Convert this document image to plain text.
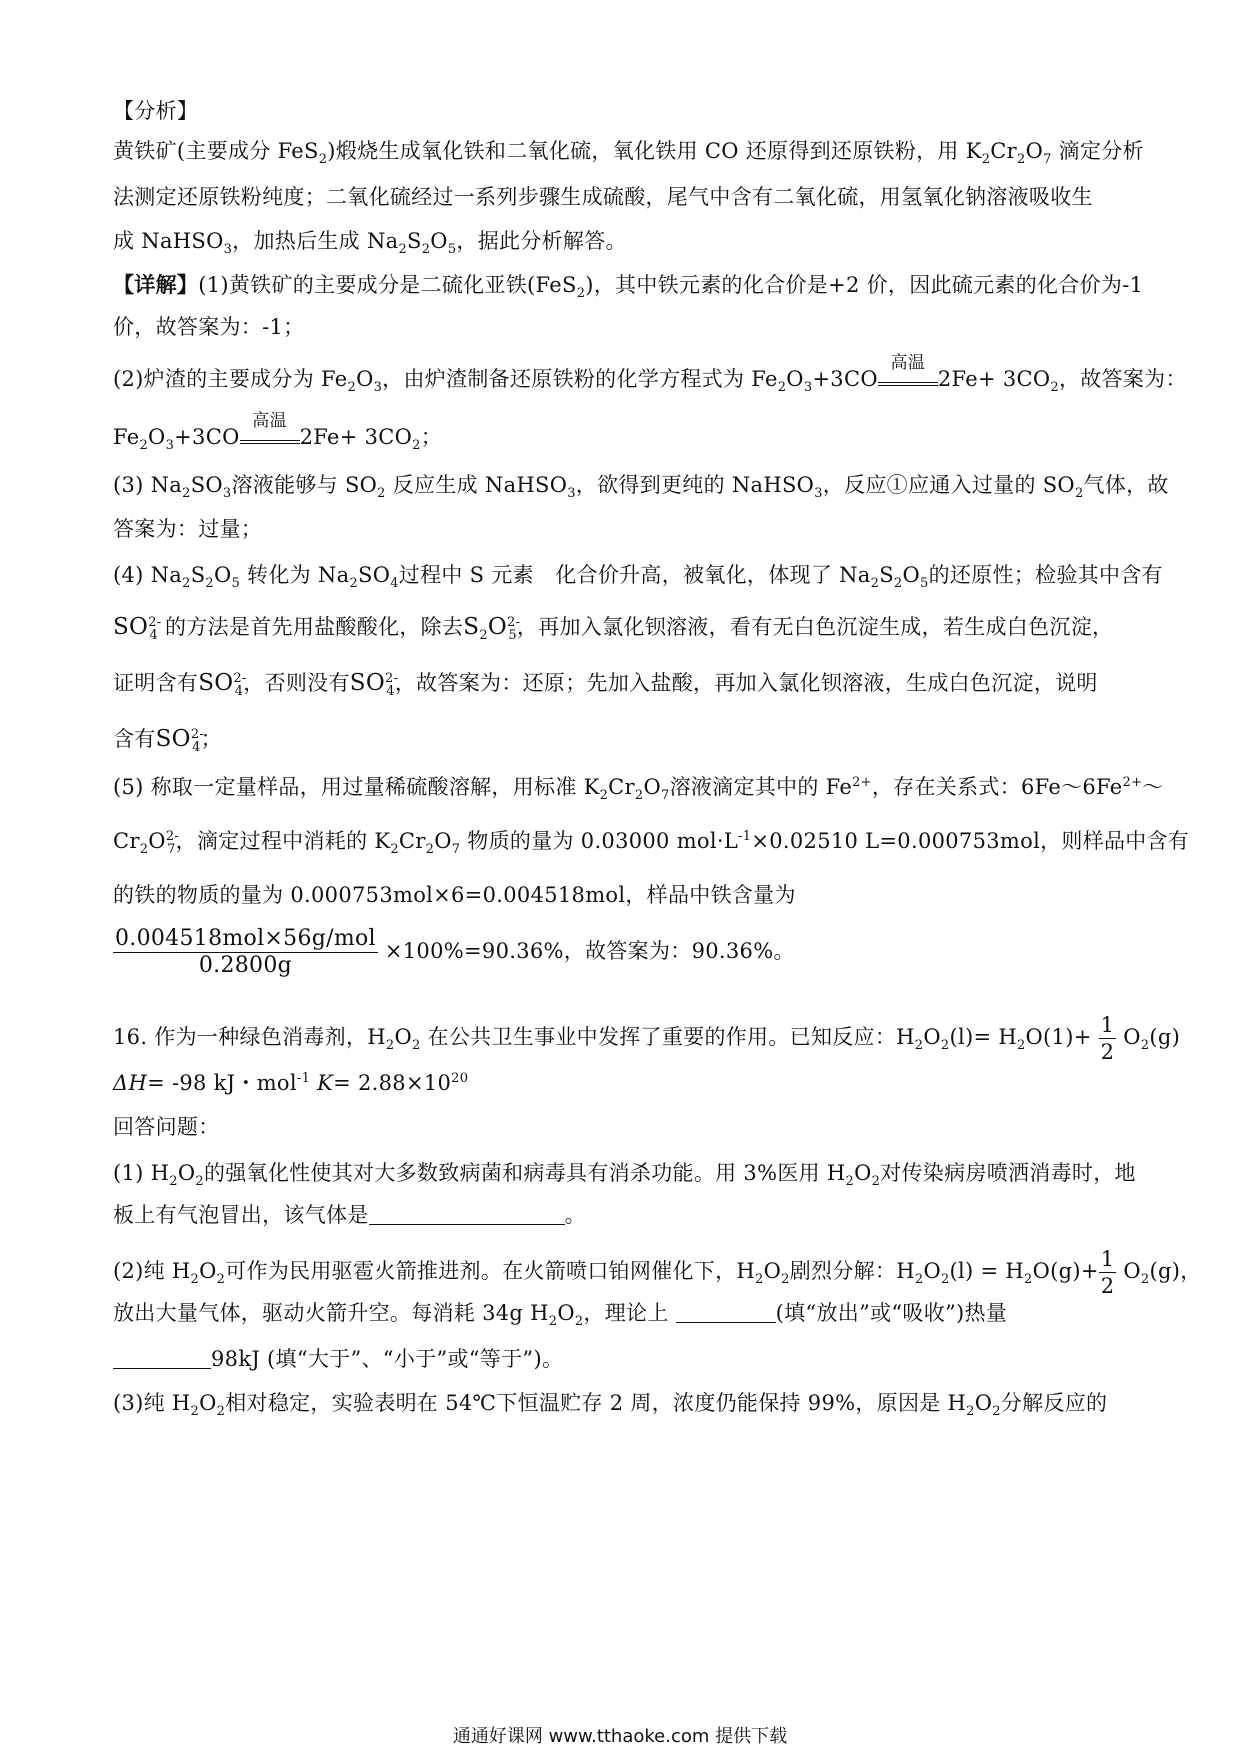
【分析】
黄铁矿(主要成分 FeS$_2$)煅烧生成氧化铁和二氧化硫，氧化铁用 CO 还原得到还原铁粉，用 $K_2Cr_2O_7$ 滴定分析
法测定还原铁粉纯度；二氧化硫经过一系列步骤生成硫酸，尾气中含有二氧化硫，用氢氧化钠溶液吸收生
成 NaHSO$_3$，加热后生成 $Na_2S_2O_5$，据此分析解答。
【详解】(1)黄铁矿的主要成分是二硫化亚铁(FeS$_2$)，其中铁元素的化合价是+2 价，因此硫元素的化合价为-1
价，故答案为：-1；
(2)炉渣的主要成分为 $Fe_2O_3$，由炉渣制备还原铁粉的化学方程式为 $Fe_2O_3+3CO$
高温
$2Fe+ 3CO_2$，故答案为：
$Fe_2O_3+3CO$
高温
$2Fe+ 3CO_2$；
(3) $Na_2SO_3$溶液能够与 $SO_2$ 反应生成 NaHSO$_3$，欲得到更纯的 NaHSO$_3$，反应①应通入过量的 $SO_2$气体，故
答案为：过量；
(4) $Na_2S_2O_5$ 转化为 $Na_2SO_4$过程中 S 元素　化合价升高，被氧化，体现了 $Na_2S_2O_5$的还原性；检验其中含有
$SO^{2-}_4$ 的方法是首先用盐酸酸化，除去$S_2O^{2-}_5$，再加入氯化钡溶液，看有无白色沉淀生成，若生成白色沉淀，
证明含有$SO^{2-}_4$，否则没有$SO^{2-}_4$，故答案为：还原；先加入盐酸，再加入氯化钡溶液，生成白色沉淀，说明
含有$SO^{2-}_4$；
(5) 称取一定量样品，用过量稀硫酸溶解，用标准 $K_2Cr_2O_7$溶液滴定其中的 $Fe^{2+}$，存在关系式：$6Fe\sim 6Fe^{2+}\sim$
$Cr_2O^{2-}_7$，滴定过程中消耗的 $K_2Cr_2O_7$ 物质的量为 0.03000 $mol\cdot L^{-1}\times 0.02510$ L=0.000753mol，则样品中含有
的铁的物质的量为 0.000753mol×6=0.004518mol，样品中铁含量为
$\frac{\text{0.004518mol×56g/mol}}{0.2800g} \times 100\%=90.36\%$，故答案为：90.36%。
16. 作为一种绿色消毒剂，$H_2O_2$ 在公共卫生事业中发挥了重要的作用。已知反应：$H_2O_2(l)= H_2O(1)+ \frac{1}{2} O_2(g)$
ΔH= -98 kJ・mol$^{-1}$ $K= 2.88\times 10^{20}$
回答问题：
(1) $H_2O_2$的强氧化性使其对大多数致病菌和病毒具有消杀功能。用 3%医用 $H_2O_2$对传染病房喷洒消毒时，地
板上有气泡冒出，该气体是	。
(2)纯 $H_2O_2$可作为民用驱雹火箭推进剂。在火箭喷口铂网催化下，$H_2O_2$剧烈分解：$H_2O_2(l) = H_2O(g)+ \frac{1}{2} O_2(g)$，
放出大量气体，驱动火箭升空。每消耗 34g $H_2O_2$，理论上	(填“放出”或“吸收”)热量
98kJ (填“大于”、“小于”或“等于”)。
(3)纯 $H_2O_2$相对稳定，实验表明在 54℃下恒温贮存 2 周，浓度仍能保持 99%，原因是 $H_2O_2$分解反应的
通通好课网 www.tthaoke.com 提供下载
